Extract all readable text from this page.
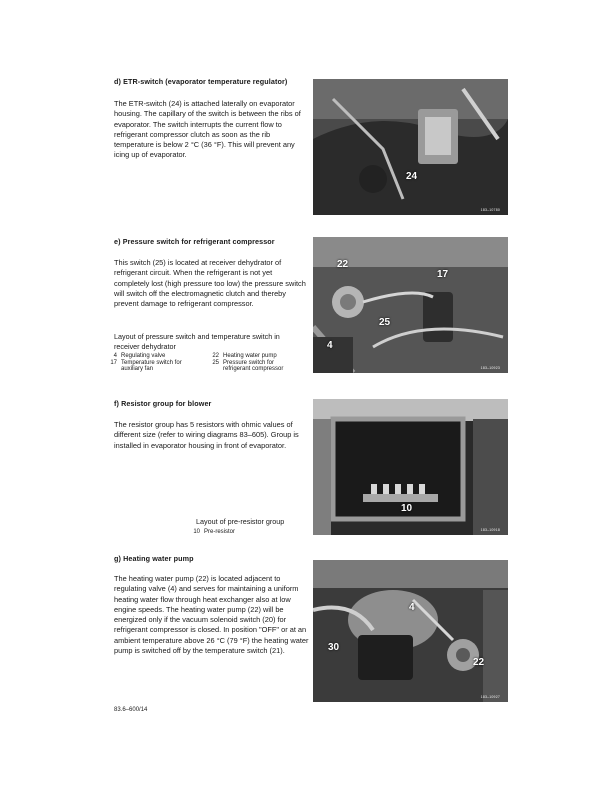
d) ETR-switch (evaporator temperature regulator)
The ETR-switch (24) is attached laterally on evaporator housing. The capillary of the switch is between the ribs of evaporator. The switch interrupts the current flow to refrigerant compressor clutch as soon as the rib temperature is below 2 °C (36 °F). This will prevent any icing up of evaporator.
24
183–10780
e) Pressure switch for refrigerant compressor
This switch (25) is located at receiver dehydrator of refrigerant circuit. When the refrigerant is not yet completely lost (high pressure too low) the pressure switch will switch off the electromagnetic clutch and thereby prevent damage to refrigerant compressor.
Layout of pressure switch and temperature switch in receiver dehydrator
4 Regulating valve
17 Temperature switch for auxiliary fan
22 Heating water pump
25 Pressure switch for refrigerant compressor
22
17
25
4
183–10923
f) Resistor group for blower
The resistor group has 5 resistors with ohmic values of different size (refer to wiring diagrams 83–605). Group is installed in evaporator housing in front of evaporator.
Layout of pre-resistor group
10 Pre-resistor
10
183–10918
g) Heating water pump
The heating water pump (22) is located adjacent to regulating valve (4) and serves for maintaining a uniform heating water flow through heat exchanger also at low engine speeds. The heating water pump (22) will be energized only if the vacuum solenoid switch (20) for refrigerant compressor is closed. In position "OFF" or at an ambient temperature above 26 °C (79 °F) the heating water pump is switched off by the temperature switch (21).
4
30
22
183–10927
83.6–600/14
